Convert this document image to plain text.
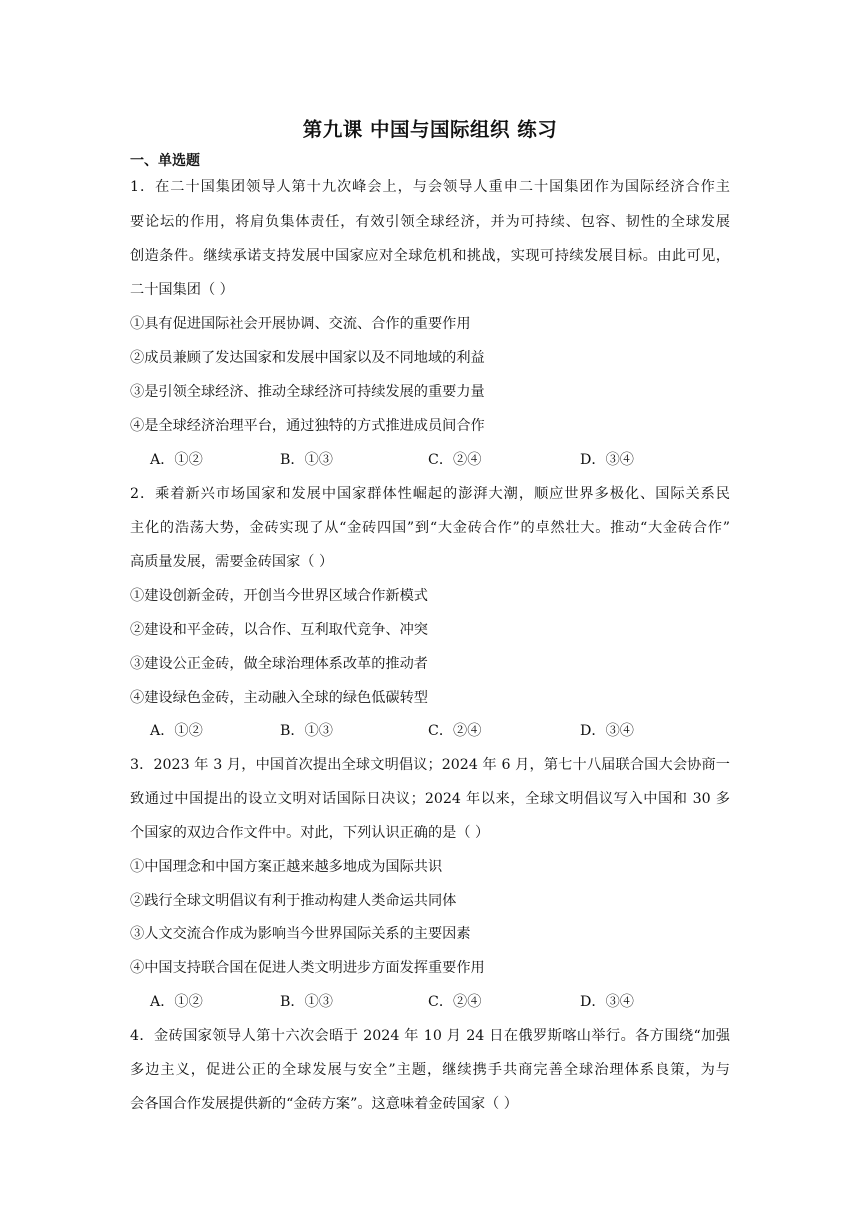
第九课 中国与国际组织 练习
一、单选题
1．在二十国集团领导人第十九次峰会上，与会领导人重申二十国集团作为国际经济合作主
要论坛的作用，将肩负集体责任，有效引领全球经济，并为可持续、包容、韧性的全球发展
创造条件。继续承诺支持发展中国家应对全球危机和挑战，实现可持续发展目标。由此可见，
二十国集团（ ）
①具有促进国际社会开展协调、交流、合作的重要作用
②成员兼顾了发达国家和发展中国家以及不同地域的利益
③是引领全球经济、推动全球经济可持续发展的重要力量
④是全球经济治理平台，通过独特的方式推进成员间合作
A．①②	B．①③	C．②④	D．③④
2．乘着新兴市场国家和发展中国家群体性崛起的澎湃大潮，顺应世界多极化、国际关系民
主化的浩荡大势，金砖实现了从“金砖四国”到“大金砖合作”的卓然壮大。推动“大金砖合作”
高质量发展，需要金砖国家（ ）
①建设创新金砖，开创当今世界区域合作新模式
②建设和平金砖，以合作、互利取代竞争、冲突
③建设公正金砖，做全球治理体系改革的推动者
④建设绿色金砖，主动融入全球的绿色低碳转型
A．①②	B．①③	C．②④	D．③④
3．2023 年 3 月，中国首次提出全球文明倡议；2024 年 6 月，第七十八届联合国大会协商一
致通过中国提出的设立文明对话国际日决议；2024 年以来，全球文明倡议写入中国和 30 多
个国家的双边合作文件中。对此，下列认识正确的是（ ）
①中国理念和中国方案正越来越多地成为国际共识
②践行全球文明倡议有利于推动构建人类命运共同体
③人文交流合作成为影响当今世界国际关系的主要因素
④中国支持联合国在促进人类文明进步方面发挥重要作用
A．①②	B．①③	C．②④	D．③④
4．金砖国家领导人第十六次会晤于 2024 年 10 月 24 日在俄罗斯喀山举行。各方围绕“加强
多边主义，促进公正的全球发展与安全”主题，继续携手共商完善全球治理体系良策，为与
会各国合作发展提供新的“金砖方案”。这意味着金砖国家（ ）
